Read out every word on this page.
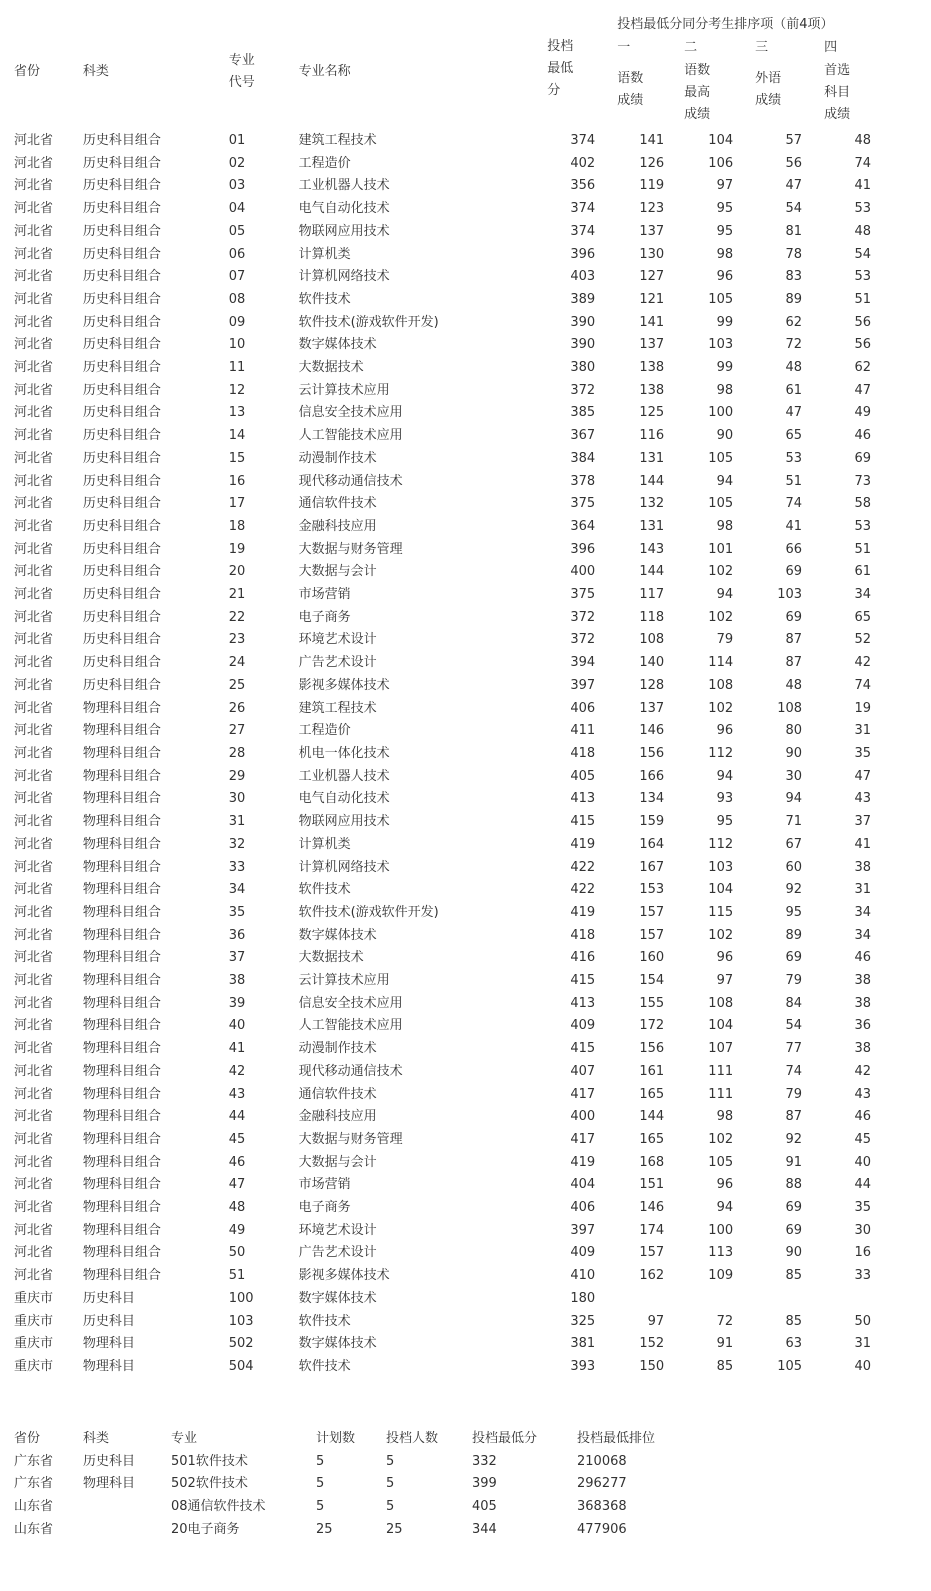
省份	科类	专业代号	专业名称	投档最低分	投档最低分同分考生排序项（前4项）				
					一	二	三	四	

					语数成绩	语数最高成绩	外语成绩	首选科目成绩	

河北省	历史科目组合	01	建筑工程技术	374	141	104	57	48	
河北省	历史科目组合	02	工程造价	402	126	106	56	74	
河北省	历史科目组合	03	工业机器人技术	356	119	97	47	41	
河北省	历史科目组合	04	电气自动化技术	374	123	95	54	53	
河北省	历史科目组合	05	物联网应用技术	374	137	95	81	48	
河北省	历史科目组合	06	计算机类	396	130	98	78	54	
河北省	历史科目组合	07	计算机网络技术	403	127	96	83	53	
河北省	历史科目组合	08	软件技术	389	121	105	89	51	
河北省	历史科目组合	09	软件技术(游戏软件开发)	390	141	99	62	56	
河北省	历史科目组合	10	数字媒体技术	390	137	103	72	56	
河北省	历史科目组合	11	大数据技术	380	138	99	48	62	
河北省	历史科目组合	12	云计算技术应用	372	138	98	61	47	
河北省	历史科目组合	13	信息安全技术应用	385	125	100	47	49	
河北省	历史科目组合	14	人工智能技术应用	367	116	90	65	46	
河北省	历史科目组合	15	动漫制作技术	384	131	105	53	69	
河北省	历史科目组合	16	现代移动通信技术	378	144	94	51	73	
河北省	历史科目组合	17	通信软件技术	375	132	105	74	58	
河北省	历史科目组合	18	金融科技应用	364	131	98	41	53	
河北省	历史科目组合	19	大数据与财务管理	396	143	101	66	51	
河北省	历史科目组合	20	大数据与会计	400	144	102	69	61	
河北省	历史科目组合	21	市场营销	375	117	94	103	34	
河北省	历史科目组合	22	电子商务	372	118	102	69	65	
河北省	历史科目组合	23	环境艺术设计	372	108	79	87	52	
河北省	历史科目组合	24	广告艺术设计	394	140	114	87	42	
河北省	历史科目组合	25	影视多媒体技术	397	128	108	48	74	
河北省	物理科目组合	26	建筑工程技术	406	137	102	108	19	
河北省	物理科目组合	27	工程造价	411	146	96	80	31	
河北省	物理科目组合	28	机电一体化技术	418	156	112	90	35	
河北省	物理科目组合	29	工业机器人技术	405	166	94	30	47	
河北省	物理科目组合	30	电气自动化技术	413	134	93	94	43	
河北省	物理科目组合	31	物联网应用技术	415	159	95	71	37	
河北省	物理科目组合	32	计算机类	419	164	112	67	41	
河北省	物理科目组合	33	计算机网络技术	422	167	103	60	38	
河北省	物理科目组合	34	软件技术	422	153	104	92	31	
河北省	物理科目组合	35	软件技术(游戏软件开发)	419	157	115	95	34	
河北省	物理科目组合	36	数字媒体技术	418	157	102	89	34	
河北省	物理科目组合	37	大数据技术	416	160	96	69	46	
河北省	物理科目组合	38	云计算技术应用	415	154	97	79	38	
河北省	物理科目组合	39	信息安全技术应用	413	155	108	84	38	
河北省	物理科目组合	40	人工智能技术应用	409	172	104	54	36	
河北省	物理科目组合	41	动漫制作技术	415	156	107	77	38	
河北省	物理科目组合	42	现代移动通信技术	407	161	111	74	42	
河北省	物理科目组合	43	通信软件技术	417	165	111	79	43	
河北省	物理科目组合	44	金融科技应用	400	144	98	87	46	
河北省	物理科目组合	45	大数据与财务管理	417	165	102	92	45	
河北省	物理科目组合	46	大数据与会计	419	168	105	91	40	
河北省	物理科目组合	47	市场营销	404	151	96	88	44	
河北省	物理科目组合	48	电子商务	406	146	94	69	35	
河北省	物理科目组合	49	环境艺术设计	397	174	100	69	30	
河北省	物理科目组合	50	广告艺术设计	409	157	113	90	16	
河北省	物理科目组合	51	影视多媒体技术	410	162	109	85	33	
重庆市	历史科目	100	数字媒体技术	180					
重庆市	历史科目	103	软件技术	325	97	72	85	50	
重庆市	物理科目	502	数字媒体技术	381	152	91	63	31	
重庆市	物理科目	504	软件技术	393	150	85	105	40	
省份	科类	专业	计划数	投档人数	投档最低分	投档最低排位
广东省	历史科目	501软件技术	5	5	332	210068
广东省	物理科目	502软件技术	5	5	399	296277
山东省		08通信软件技术	5	5	405	368368
山东省		20电子商务	25	25	344	477906
